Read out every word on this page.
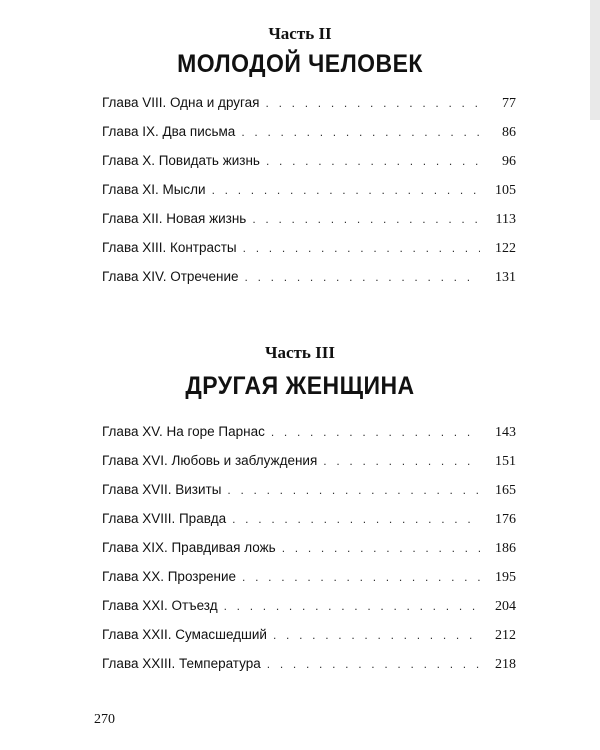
Часть II
МОЛОДОЙ ЧЕЛОВЕК
Глава VIII. Одна и другая . . .	77
Глава IX. Два письма . . .	86
Глава X. Повидать жизнь . . .	96
Глава XI. Мысли . . .	105
Глава XII. Новая жизнь . . .	113
Глава XIII. Контрасты . . .	122
Глава XIV. Отречение . . .	131
Часть III
ДРУГАЯ ЖЕНЩИНА
Глава XV. На горе Парнас . . .	143
Глава XVI. Любовь и заблуждения . . .	151
Глава XVII. Визиты . . .	165
Глава XVIII. Правда . . .	176
Глава XIX. Правдивая ложь . . .	186
Глава XX. Прозрение . . .	195
Глава XXI. Отъезд . . .	204
Глава XXII. Сумасшедший . . .	212
Глава XXIII. Температура . . .	218
270
